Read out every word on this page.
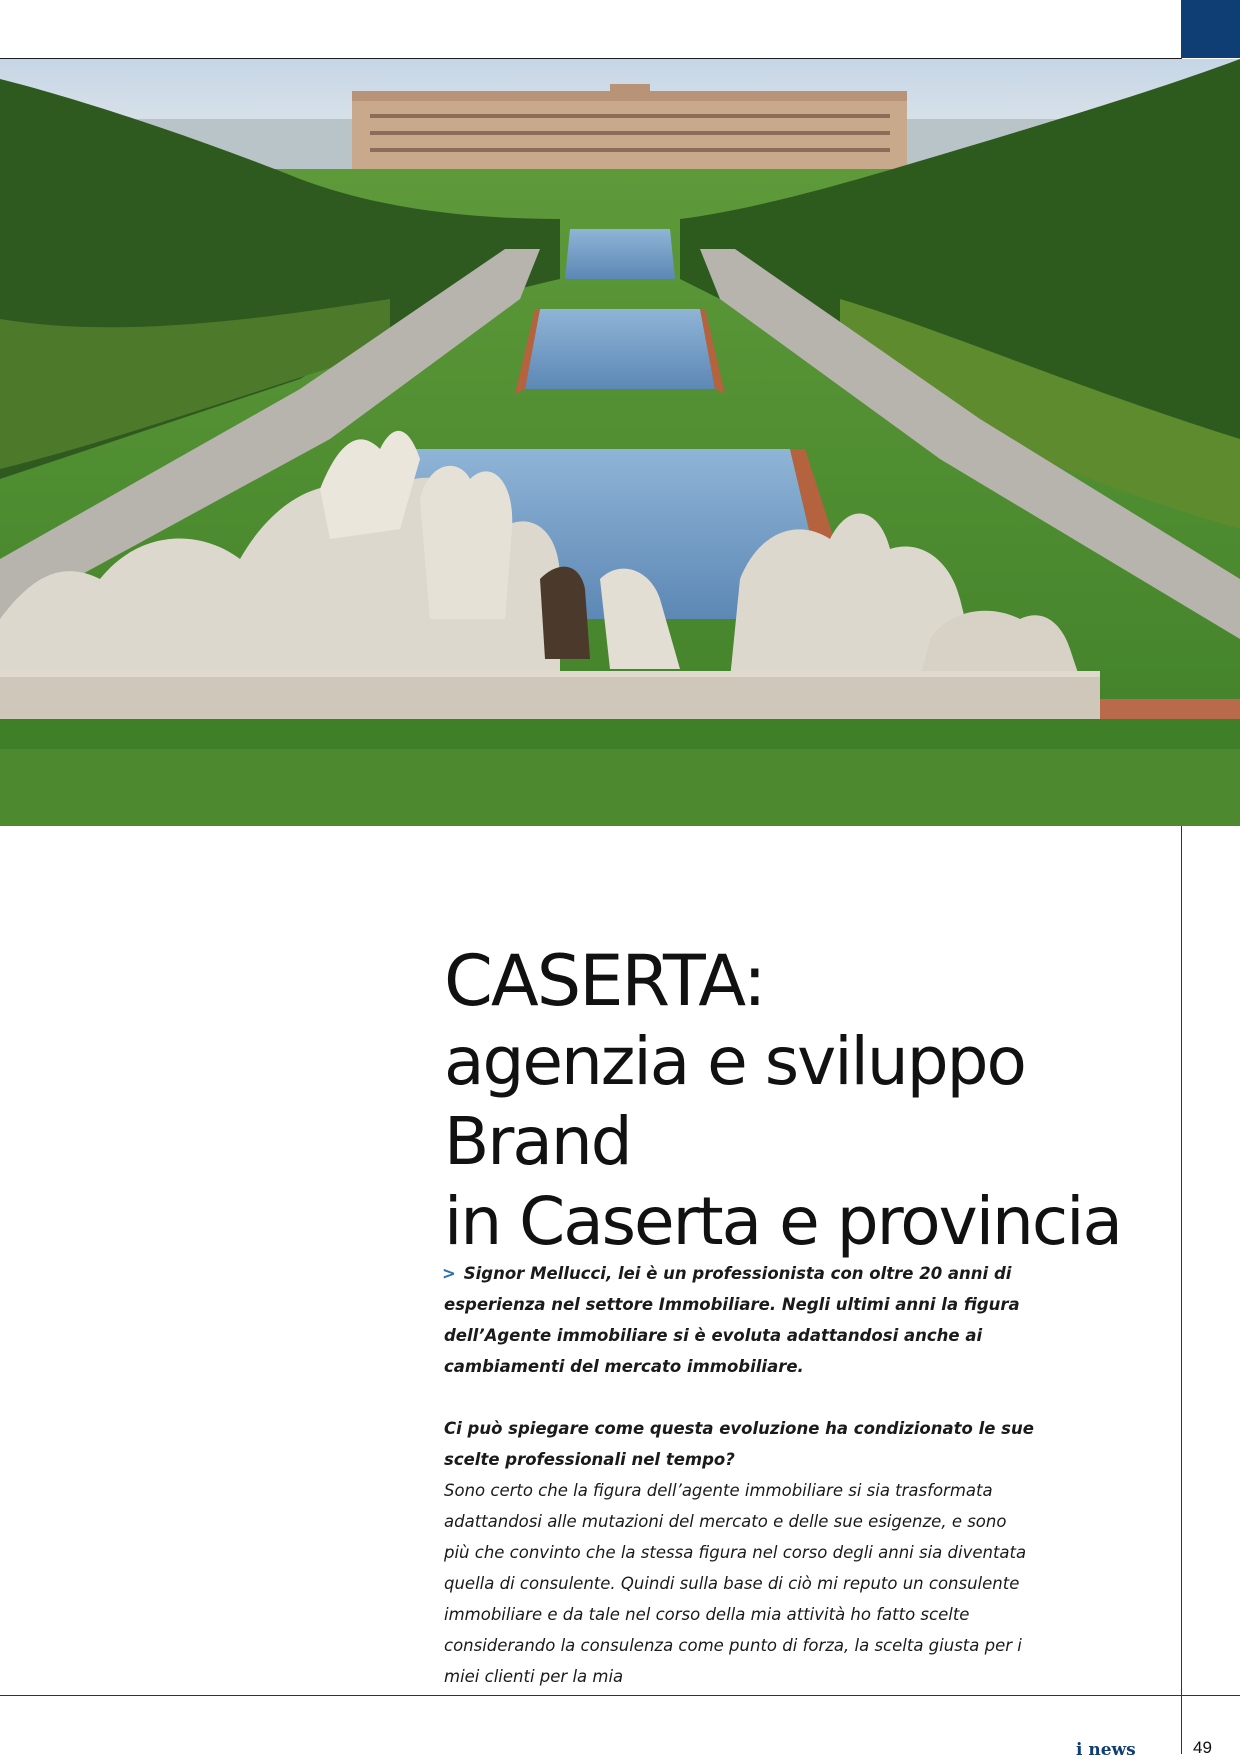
CASERTA:
agenzia e sviluppo Brand
in Caserta e provincia

> Signor Mellucci, lei è un professionista con oltre 20 anni di esperienza nel settore Immobiliare. Negli ultimi anni la figura dell’Agente immobiliare si è evoluta adattandosi anche ai cambiamenti del mercato immobiliare.

Ci può spiegare come questa evoluzione ha condizionato le sue scelte professionali nel tempo?

Sono certo che la figura dell’agente immobiliare si sia trasformata adattandosi alle mutazioni del mercato e delle sue esigenze, e sono più che convinto che la stessa figura nel corso degli anni sia diventata quella di consulente. Quindi sulla base di ciò mi reputo un consulente immobiliare e da tale nel corso della mia attività ho fatto scelte considerando la consulenza come punto di forza, la scelta giusta per i miei clienti per la mia

i news	49
